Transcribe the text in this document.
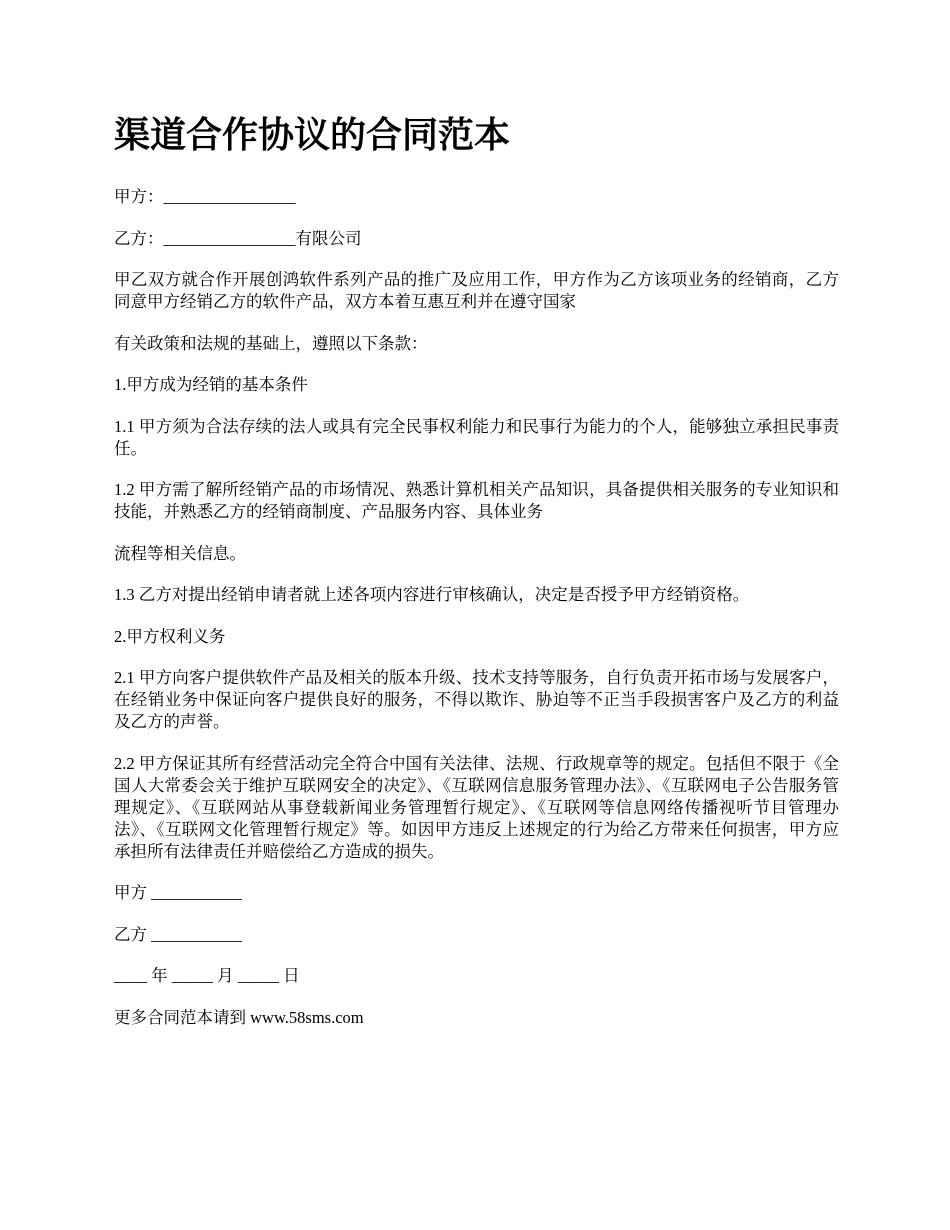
渠道合作协议的合同范本

甲方：________________

乙方：________________有限公司

甲乙双方就合作开展创鸿软件系列产品的推广及应用工作，甲方作为乙方该项业务的经销商，乙方同意甲方经销乙方的软件产品，双方本着互惠互利并在遵守国家

有关政策和法规的基础上，遵照以下条款：

1.甲方成为经销的基本条件

1.1 甲方须为合法存续的法人或具有完全民事权利能力和民事行为能力的个人，能够独立承担民事责任。

1.2 甲方需了解所经销产品的市场情况、熟悉计算机相关产品知识，具备提供相关服务的专业知识和技能，并熟悉乙方的经销商制度、产品服务内容、具体业务

流程等相关信息。

1.3 乙方对提出经销申请者就上述各项内容进行审核确认，决定是否授予甲方经销资格。

2.甲方权利义务

2.1 甲方向客户提供软件产品及相关的版本升级、技术支持等服务，自行负责开拓市场与发展客户，在经销业务中保证向客户提供良好的服务，不得以欺诈、胁迫等不正当手段损害客户及乙方的利益及乙方的声誉。

2.2 甲方保证其所有经营活动完全符合中国有关法律、法规、行政规章等的规定。包括但不限于《全国人大常委会关于维护互联网安全的决定》、《互联网信息服务管理办法》、《互联网电子公告服务管理规定》、《互联网站从事登载新闻业务管理暂行规定》、《互联网等信息网络传播视听节目管理办法》、《互联网文化管理暂行规定》等。如因甲方违反上述规定的行为给乙方带来任何损害，甲方应承担所有法律责任并赔偿给乙方造成的损失。

甲方 ___________

乙方 ___________

____ 年 _____ 月 _____ 日

更多合同范本请到 www.58sms.com
